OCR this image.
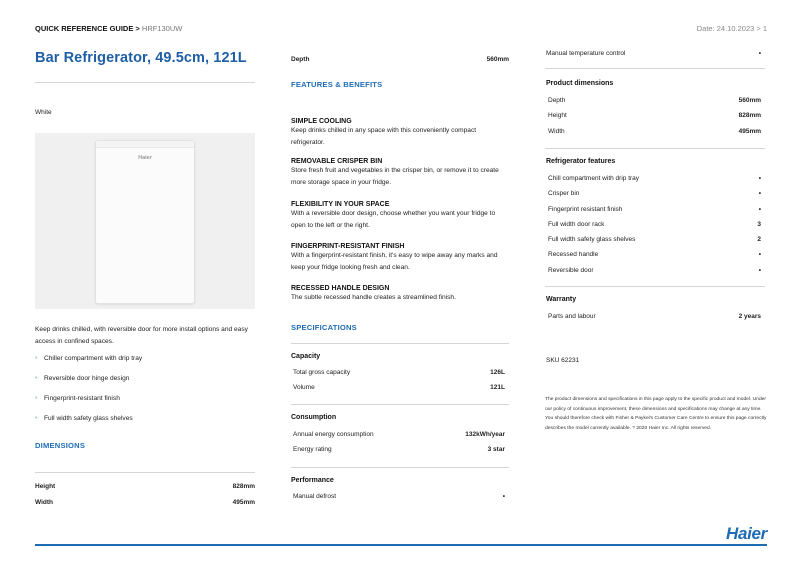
QUICK REFERENCE GUIDE > HRF130UW	Date: 24.10.2023 > 1
Bar Refrigerator, 49.5cm, 121L
White
Haier
Keep drinks chilled, with reversible door for more install options and easy access in confined spaces.
• Chiller compartment with drip tray
• Reversible door hinge design
• Fingerprint-resistant finish
• Full width safety glass shelves
DIMENSIONS
Height	828mm
Width	495mm
Depth	560mm
FEATURES & BENEFITS
SIMPLE COOLING
Keep drinks chilled in any space with this conveniently compact refrigerator.
REMOVABLE CRISPER BIN
Store fresh fruit and vegetables in the crisper bin, or remove it to create more storage space in your fridge.
FLEXIBILITY IN YOUR SPACE
With a reversible door design, choose whether you want your fridge to open to the left or the right.
FINGERPRINT-RESISTANT FINISH
With a fingerprint-resistant finish, it's easy to wipe away any marks and keep your fridge looking fresh and clean.
RECESSED HANDLE DESIGN
The subtle recessed handle creates a streamlined finish.
SPECIFICATIONS
Capacity
Total gross capacity	126L
Volume	121L
Consumption
Annual energy consumption	132kWh/year
Energy rating	3 star
Performance
Manual defrost	•
Manual temperature control	•
Product dimensions
Depth	560mm
Height	828mm
Width	495mm
Refrigerator features
Chill compartment with drip tray	•
Crisper bin	•
Fingerprint resistant finish	•
Full width door rack	3
Full width safety glass shelves	2
Recessed handle	•
Reversible door	•
Warranty
Parts and labour	2 years
SKU 62231
The product dimensions and specifications in this page apply to the specific product and model. Under our policy of continuous improvement, these dimensions and specifications may change at any time. You should therefore check with Fisher & Paykel's Customer Care Centre to ensure this page correctly describes the model currently available. ? 2020 Haier Inc. All rights reserved.
Haier
